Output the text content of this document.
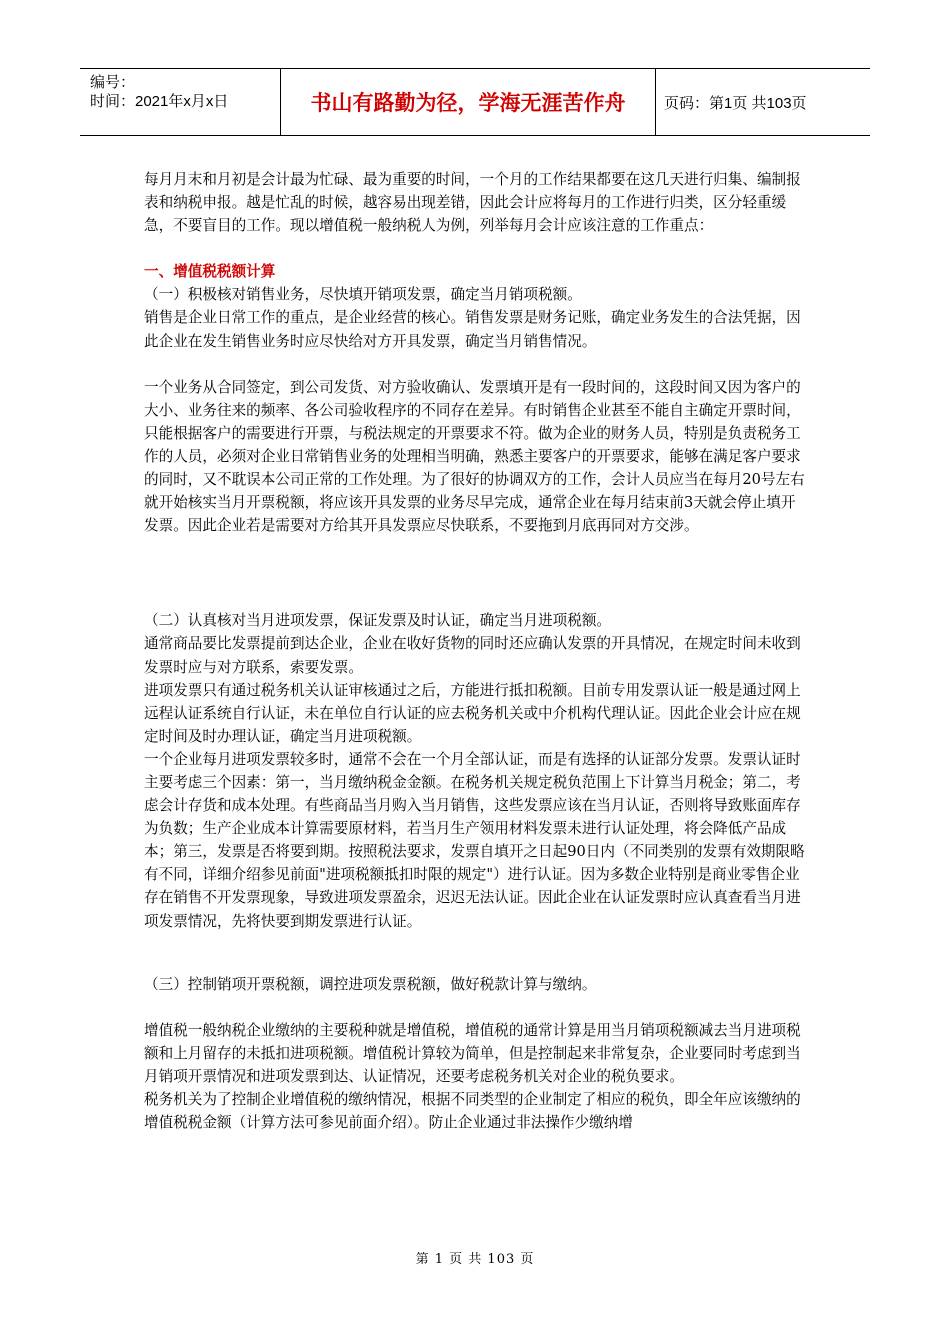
编号：
时间：2021年x月x日	书山有路勤为径，学海无涯苦作舟	页码：第1页 共103页

每月月末和月初是会计最为忙碌、最为重要的时间，一个月的工作结果都要在这几天进行归集、编制报表和纳税申报。越是忙乱的时候，越容易出现差错，因此会计应将每月的工作进行归类，区分轻重缓急，不要盲目的工作。现以增值税一般纳税人为例，列举每月会计应该注意的工作重点：

一、增值税税额计算

（一）积极核对销售业务，尽快填开销项发票，确定当月销项税额。

销售是企业日常工作的重点，是企业经营的核心。销售发票是财务记账，确定业务发生的合法凭据，因此企业在发生销售业务时应尽快给对方开具发票，确定当月销售情况。

一个业务从合同签定，到公司发货、对方验收确认、发票填开是有一段时间的，这段时间又因为客户的大小、业务往来的频率、各公司验收程序的不同存在差异。有时销售企业甚至不能自主确定开票时间，只能根据客户的需要进行开票，与税法规定的开票要求不符。做为企业的财务人员，特别是负责税务工作的人员，必须对企业日常销售业务的处理相当明确，熟悉主要客户的开票要求，能够在满足客户要求的同时，又不耽误本公司正常的工作处理。为了很好的协调双方的工作，会计人员应当在每月20号左右就开始核实当月开票税额，将应该开具发票的业务尽早完成，通常企业在每月结束前3天就会停止填开发票。因此企业若是需要对方给其开具发票应尽快联系，不要拖到月底再同对方交涉。

（二）认真核对当月进项发票，保证发票及时认证，确定当月进项税额。

通常商品要比发票提前到达企业，企业在收好货物的同时还应确认发票的开具情况，在规定时间未收到发票时应与对方联系，索要发票。

进项发票只有通过税务机关认证审核通过之后，方能进行抵扣税额。目前专用发票认证一般是通过网上远程认证系统自行认证，未在单位自行认证的应去税务机关或中介机构代理认证。因此企业会计应在规定时间及时办理认证，确定当月进项税额。

一个企业每月进项发票较多时，通常不会在一个月全部认证，而是有选择的认证部分发票。发票认证时主要考虑三个因素：第一，当月缴纳税金金额。在税务机关规定税负范围上下计算当月税金；第二，考虑会计存货和成本处理。有些商品当月购入当月销售，这些发票应该在当月认证，否则将导致账面库存为负数；生产企业成本计算需要原材料，若当月生产领用材料发票未进行认证处理，将会降低产品成本；第三，发票是否将要到期。按照税法要求，发票自填开之日起90日内（不同类别的发票有效期限略有不同，详细介绍参见前面"进项税额抵扣时限的规定"）进行认证。因为多数企业特别是商业零售企业存在销售不开发票现象，导致进项发票盈余，迟迟无法认证。因此企业在认证发票时应认真查看当月进项发票情况，先将快要到期发票进行认证。

（三）控制销项开票税额，调控进项发票税额，做好税款计算与缴纳。

增值税一般纳税企业缴纳的主要税种就是增值税，增值税的通常计算是用当月销项税额减去当月进项税额和上月留存的未抵扣进项税额。增值税计算较为简单，但是控制起来非常复杂，企业要同时考虑到当月销项开票情况和进项发票到达、认证情况，还要考虑税务机关对企业的税负要求。

税务机关为了控制企业增值税的缴纳情况，根据不同类型的企业制定了相应的税负，即全年应该缴纳的增值税税金额（计算方法可参见前面介绍）。防止企业通过非法操作少缴纳增

第 1 页 共 103 页
